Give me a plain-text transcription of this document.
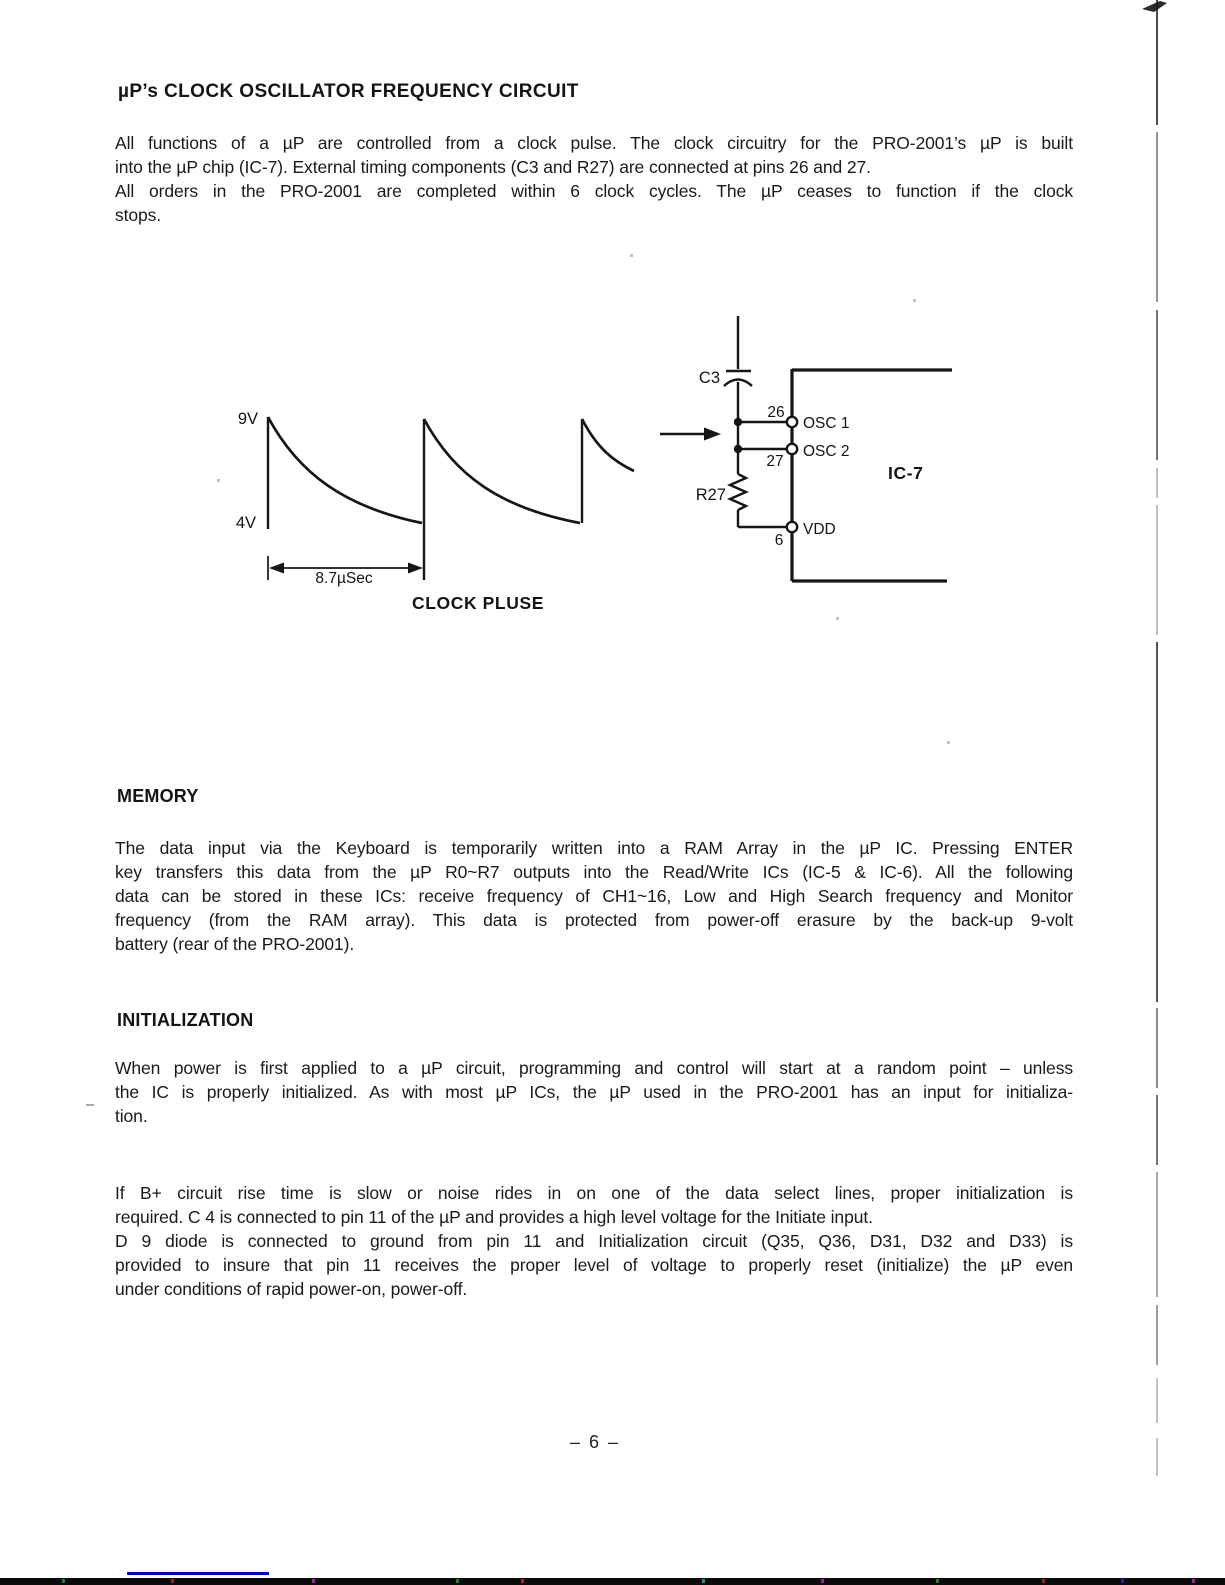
µP’s CLOCK OSCILLATOR FREQUENCY CIRCUIT
All functions of a µP are controlled from a clock pulse. The clock circuitry for the PRO-2001’s µP is built
into the µP chip (IC-7). External timing components (C3 and R27) are connected at pins 26 and 27.
All orders in the PRO-2001 are completed within 6 clock cycles. The µP ceases to function if the clock
stops.
9V
4V
8.7µSec
CLOCK PLUSE
C3
R27
26
27
6
OSC 1
OSC 2
VDD
IC-7
MEMORY
The data input via the Keyboard is temporarily written into a RAM Array in the µP IC. Pressing ENTER
key transfers this data from the µP R0~R7 outputs into the Read/Write ICs (IC-5 & IC-6). All the following
data can be stored in these ICs: receive frequency of CH1~16, Low and High Search frequency and Monitor
frequency (from the RAM array). This data is protected from power-off erasure by the back-up 9-volt
battery (rear of the PRO-2001).
INITIALIZATION
When power is first applied to a µP circuit, programming and control will start at a random point – unless
the IC is properly initialized. As with most µP ICs, the µP used in the PRO-2001 has an input for initializa-
tion.
If B+ circuit rise time is slow or noise rides in on one of the data select lines, proper initialization is
required. C 4 is connected to pin 11 of the µP and provides a high level voltage for the Initiate input.
D 9 diode is connected to ground from pin 11 and Initialization circuit (Q35, Q36, D31, D32 and D33) is
provided to insure that pin 11 receives the proper level of voltage to properly reset (initialize) the µP even
under conditions of rapid power-on, power-off.
– 6 –
